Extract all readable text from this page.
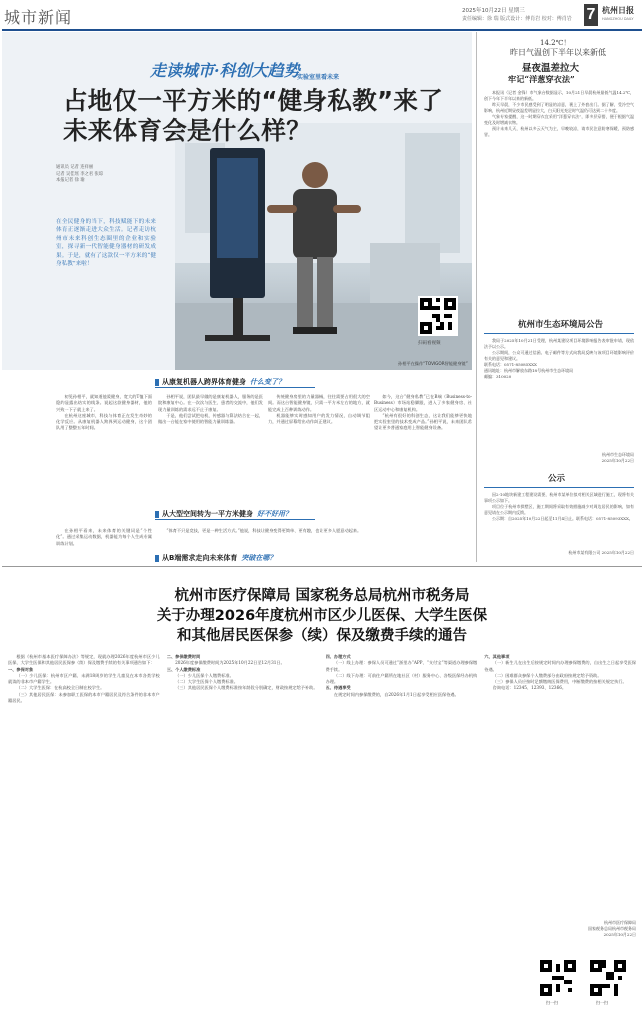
城市新闻	2025年10月22日 星期三
责任编辑：徐 瑞 版式设计：傅肖岩 校对：傅肖岩 7 杭州日报
HANGZHOU DAILY
走读城市·科创大趋势
实验室里看未来
占地仅一平方米的“健身私教”来了
未来体育会是什么样？
通讯员 记者 连祥丽
记者 吴佳瑶 李之君 张琼
本报记者 徐 瑜
在全民健身的当下，科技赋能下的未来体育正逐渐走进大众生活。记者走访杭州市未来科创生态圈里的企业和实验室，探寻新一代智能健身器材的研发成果。于是，就有了这款仅一平方米的“健身私教”来啦！
扫码看视频
孙相平在操作“TOVIGOR智能健身镜”
从康复机器人跨界体育健身 什么变了？

初见孙相平，就知道他爱健身，宽大的T恤下面隐约显露出结实的线条。说起这款健身器材，他的兴致一下子就上来了。

在杭州这座城市，科技与体育正在发生奇妙的化学反应。从康复机器人跨界到运动健身，这个团队用了整整五年时间。

孙相平说，团队最早做的是康复机器人，服务的是医院和康复中心。在一次次与医生、患者的交流中，他们发现力量训练的需求远不止于康复。

于是，他们尝试把电机、传感器与算法结合在一起，做出一台能在家中使用的智能力量训练器。

传统健身房里的力量器械，往往需要占用很大的空间。而这台智能健身镜，只需一平方米左右的地方，就能完成上百种训练动作。

机器能够实时感知用户的发力情况，自动调节阻力，并通过屏幕给出动作纠正建议。

如今，这台“健身私教”已在B端（Business-to-Business）市场站稳脚跟，进入了多家健身房、社区运动中心和康复机构。

“杭州有很好的科创生态，这让我们能够更快地把实验室里的技术变成产品。”孙相平说，未来团队希望让更多普通家庭用上智能健身设备。

从大型空间转为一平方米健身 好不好用？

在孙相平看来，未来体育的关键词是“个性化”。通过采集运动数据，机器能为每个人生成专属训练计划。

“体育不只是竞技，更是一种生活方式。”他说，科技让健身变得更简单、更有趣，也让更多人愿意动起来。

从B端需求走向未来体育 突破在哪？
14.2℃！
昨日气温创下半年以来新低
昼夜温差拉大
牢记“洋葱穿衣法”

本报讯（记者 金锋）市气象台数据显示，10月21日早晨杭州最低气温14.2℃，创下今年下半年以来的新低。

昨天早晨，不少市民感受到了明显的凉意，裹上了外套出门。据了解，受冷空气影响，杭州近期昼夜温差明显拉大，白天阳光充足时气温仍可达到二十多度。

气象专家提醒，这一时期穿衣宜采用“洋葱穿衣法”，即多层穿搭，便于根据气温变化及时增减衣物。

预计未来几天，杭州以多云天气为主，早晚较凉，请市民注意防寒保暖，预防感冒。

杭州市生态环境局公告

我局于2025年10月21日受理，杭州某建设项目环境影响报告表审批申请，现依法予以公示。

公示期间，公众可通过信函、电子邮件等方式向我局反映与该项目环境影响评价有关的意见和建议。

联系电话：0571-85085XXX
通讯地址：杭州市解放东路18号杭州市生态环境局
邮编：310020
杭州市生态环境局
2025年10月22日
公示

因2-10地块新建工程建设需要，杭州市某单位拟对相关区域进行施工，现将有关事项公示如下。

项目位于杭州市拱墅区，施工期间将采取有效措施减少对周边居民的影响，如有意见请在公示期内反馈。

公示期：自2025年10月22日起至11月4日止。联系电话：0571-85093XXX。

杭州市某有限公司 2025年10月22日
杭州市医疗保障局 国家税务总局杭州市税务局
关于办理2026年度杭州市区少儿医保、大学生医保
和其他居民医保参（续）保及缴费手续的通告

根据《杭州市基本医疗保障办法》等规定，现就办理2026年度杭州市区少儿医保、大学生医保和其他居民医保参（续）保及缴费手续的有关事项通告如下：

一、参保对象

（一）少儿医保：杭州市区户籍、未满18周岁的学生儿童及在本市各类学校就读的非本市户籍学生。

（二）大学生医保：在杭高校全日制在校学生。

（三）其他居民医保：未参加职工医保的本市户籍居民及符合条件的非本市户籍居民。

二、参保缴费时间

2026年度参保缴费时间为2025年10月22日至12月31日。

三、个人缴费标准

（一）少儿医保个人缴费标准。

（二）大学生医保个人缴费标准。

（三）其他居民医保个人缴费标准按年龄段分别确定，财政按规定给予补助。

四、办理方式

（一）线上办理：参保人员可通过“浙里办”APP、“支付宝”等渠道办理参保缴费手续。

（二）线下办理：可前往户籍所在地社区（村）服务中心、各级医保经办机构办理。

五、待遇享受

在规定时间内参保缴费的，自2026年1月1日起享受相应医保待遇。

六、其他事项

（一）新生儿在出生后按规定时间内办理参保缴费的，自出生之日起享受医保待遇。

（二）困难群众参保个人缴费部分由政府按规定给予资助。

（三）参保人员应按时足额缴纳医保费用，中断缴费的按相关规定执行。

咨询电话：12345、12393、12366。

扫一扫	扫一扫
杭州市医疗保障局
国家税务总局杭州市税务局
2025年10月22日
